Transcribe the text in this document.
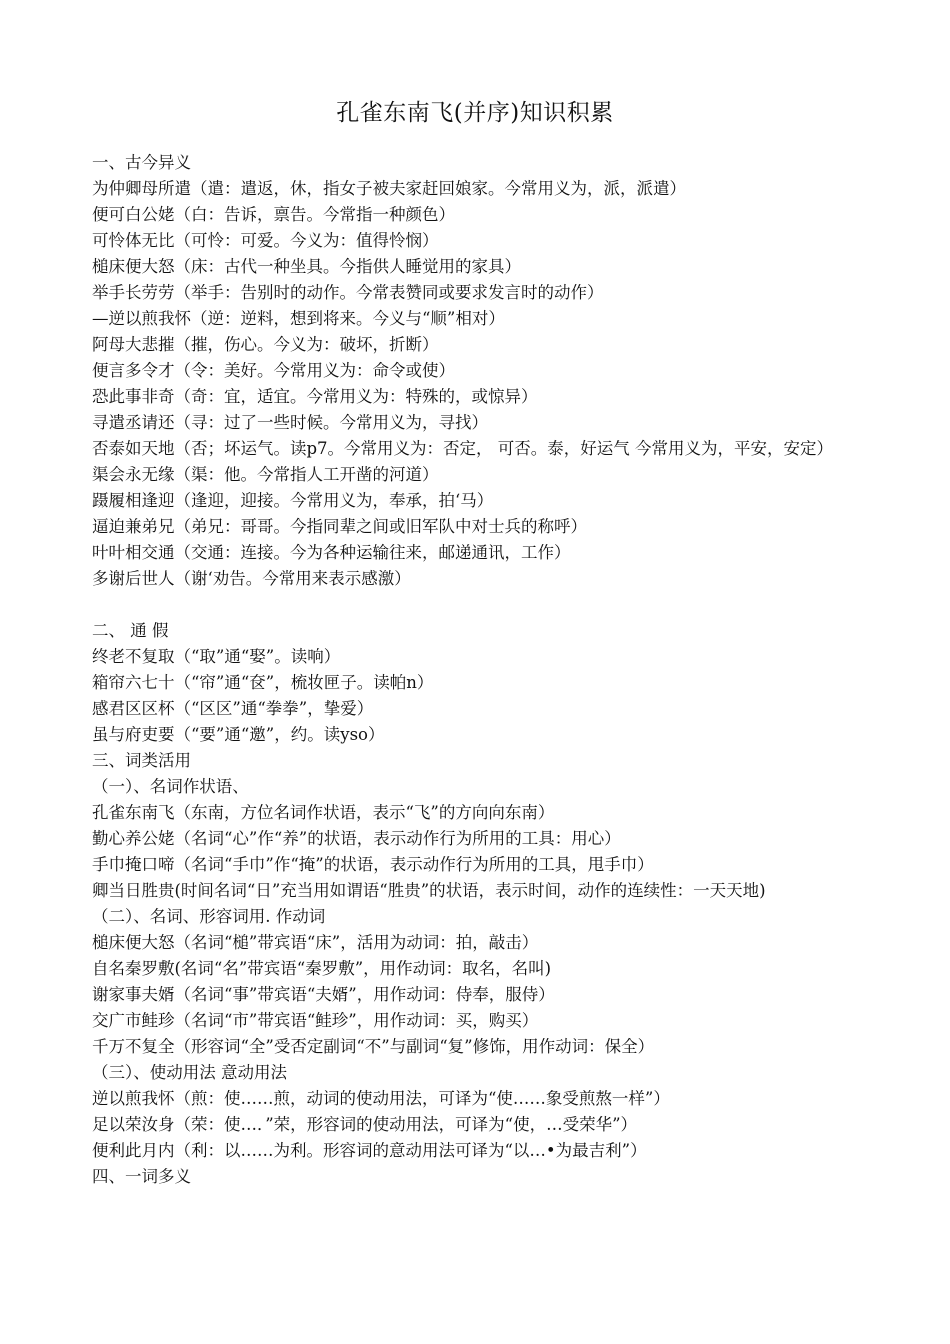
孔雀东南飞(并序)知识积累
一、古今异义
为仲卿母所遣（遣：遣返，休，指女子被夫家赶回娘家。今常用义为，派，派遣）
便可白公姥（白：告诉，禀告。今常指一种颜色）
可怜体无比（可怜：可爱。今义为：值得怜悯）
槌床便大怒（床：古代一种坐具。今指供人睡觉用的家具）
举手长劳劳（举手：告别时的动作。今常表赞同或要求发言时的动作）
—逆以煎我怀（逆：逆料，想到将来。今义与“顺”相对）
阿母大悲摧（摧，伤心。今义为：破坏，折断）
便言多令才（令：美好。今常用义为：命令或使）
恐此事非奇（奇：宜，适宜。今常用义为：特殊的，或惊异）
寻遣丞请还（寻：过了一些时候。今常用义为，寻找）
否泰如天地（否；坏运气。读p7。今常用义为：否定， 可否。泰，好运气 今常用义为，平安，安定）
渠会永无缘（渠：他。今常指人工开凿的河道）
蹑履相逢迎（逢迎，迎接。今常用义为，奉承，拍‘马）
逼迫兼弟兄（弟兄：哥哥。今指同辈之间或旧军队中对士兵的称呼）
叶叶相交通（交通：连接。今为各种运输往来，邮递通讯，工作）
多谢后世人（谢‘劝告。今常用来表示感激）
二、 通 假
终老不复取（“取”通“娶”。读响）
箱帘六七十（“帘”通“奁”，梳妆匣子。读帕n）
感君区区杯（“区区”通“拳拳”，挚爱）
虽与府吏要（“要”通“邀”，约。读yso）
三、词类活用
（一）、名词作状语、
孔雀东南飞（东南，方位名词作状语，表示“飞”的方向向东南）
勤心养公姥（名词“心”作“养”的状语，表示动作行为所用的工具：用心）
手巾掩口啼（名词“手巾”作“掩”的状语，表示动作行为所用的工具，甩手巾）
卿当日胜贵(时间名词“日”充当用如谓语“胜贵”的状语，表示时间，动作的连续性：一天天地)
（二）、名词、形容词用. 作动词
槌床便大怒（名词“槌”带宾语“床”，活用为动词：拍，敲击）
自名秦罗敷(名词“名”带宾语“秦罗敷”，用作动词：取名，名叫)
谢家事夫婿（名词“事”带宾语“夫婿”，用作动词：侍奉，服侍）
交广市鲑珍（名词“市”带宾语“鲑珍”，用作动词：买，购买）
千万不复全（形容词“全”受否定副词“不”与副词“复”修饰，用作动词：保全）
（三）、使动用法 意动用法
逆以煎我怀（煎：使……煎，动词的使动用法，可译为“使……象受煎熬一样”）
足以荣汝身（荣：使…．”荣，形容词的使动用法，可译为“使，…受荣华”）
便利此月内（利：以……为利。形容词的意动用法可译为“以…•为最吉利”）
四、一词多义
